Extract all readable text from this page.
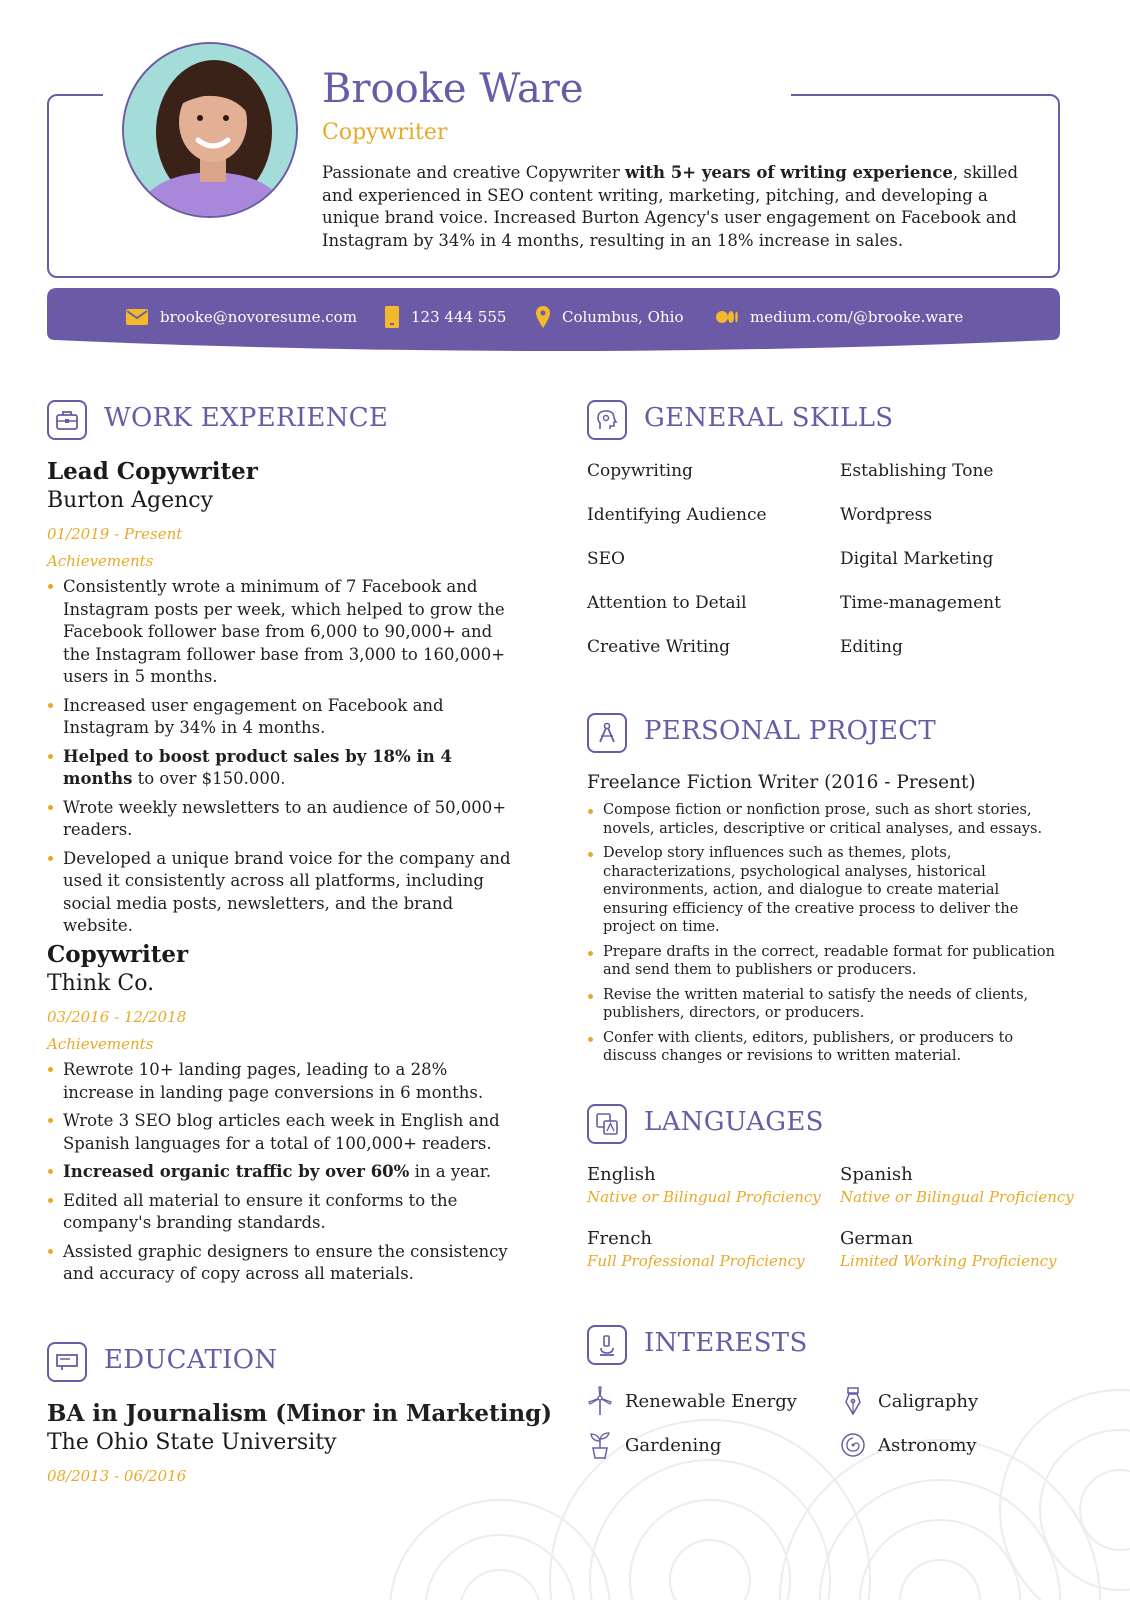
Brooke Ware
Copywriter
Passionate and creative Copywriter with 5+ years of writing experience, skilled and experienced in SEO content writing, marketing, pitching, and developing a unique brand voice. Increased Burton Agency's user engagement on Facebook and Instagram by 34% in 4 months, resulting in an 18% increase in sales.
brooke@novoresume.com	123 444 555	Columbus, Ohio	medium.com/@brooke.ware
WORK EXPERIENCE
Lead Copywriter
Burton Agency
01/2019 - Present
Achievements
Consistently wrote a minimum of 7 Facebook and Instagram posts per week, which helped to grow the Facebook follower base from 6,000 to 90,000+ and the Instagram follower base from 3,000 to 160,000+ users in 5 months.
Increased user engagement on Facebook and Instagram by 34% in 4 months.
Helped to boost product sales by 18% in 4 months to over $150.000.
Wrote weekly newsletters to an audience of 50,000+ readers.
Developed a unique brand voice for the company and used it consistently across all platforms, including social media posts, newsletters, and the brand website.
Copywriter
Think Co.
03/2016 - 12/2018
Achievements
Rewrote 10+ landing pages, leading to a 28% increase in landing page conversions in 6 months.
Wrote 3 SEO blog articles each week in English and Spanish languages for a total of 100,000+ readers.
Increased organic traffic by over 60% in a year.
Edited all material to ensure it conforms to the company's branding standards.
Assisted graphic designers to ensure the consistency and accuracy of copy across all materials.
EDUCATION
BA in Journalism (Minor in Marketing)
The Ohio State University
08/2013 - 06/2016
GENERAL SKILLS
Copywriting	Establishing Tone
Identifying Audience	Wordpress
SEO	Digital Marketing
Attention to Detail	Time-management
Creative Writing	Editing
PERSONAL PROJECT
Freelance Fiction Writer (2016 - Present)
Compose fiction or nonfiction prose, such as short stories, novels, articles, descriptive or critical analyses, and essays.
Develop story influences such as themes, plots, characterizations, psychological analyses, historical environments, action, and dialogue to create material ensuring efficiency of the creative process to deliver the project on time.
Prepare drafts in the correct, readable format for publication and send them to publishers or producers.
Revise the written material to satisfy the needs of clients, publishers, directors, or producers.
Confer with clients, editors, publishers, or producers to discuss changes or revisions to written material.
LANGUAGES
English
Native or Bilingual Proficiency
Spanish
Native or Bilingual Proficiency
French
Full Professional Proficiency
German
Limited Working Proficiency
INTERESTS
Renewable Energy	Caligraphy
Gardening	Astronomy
